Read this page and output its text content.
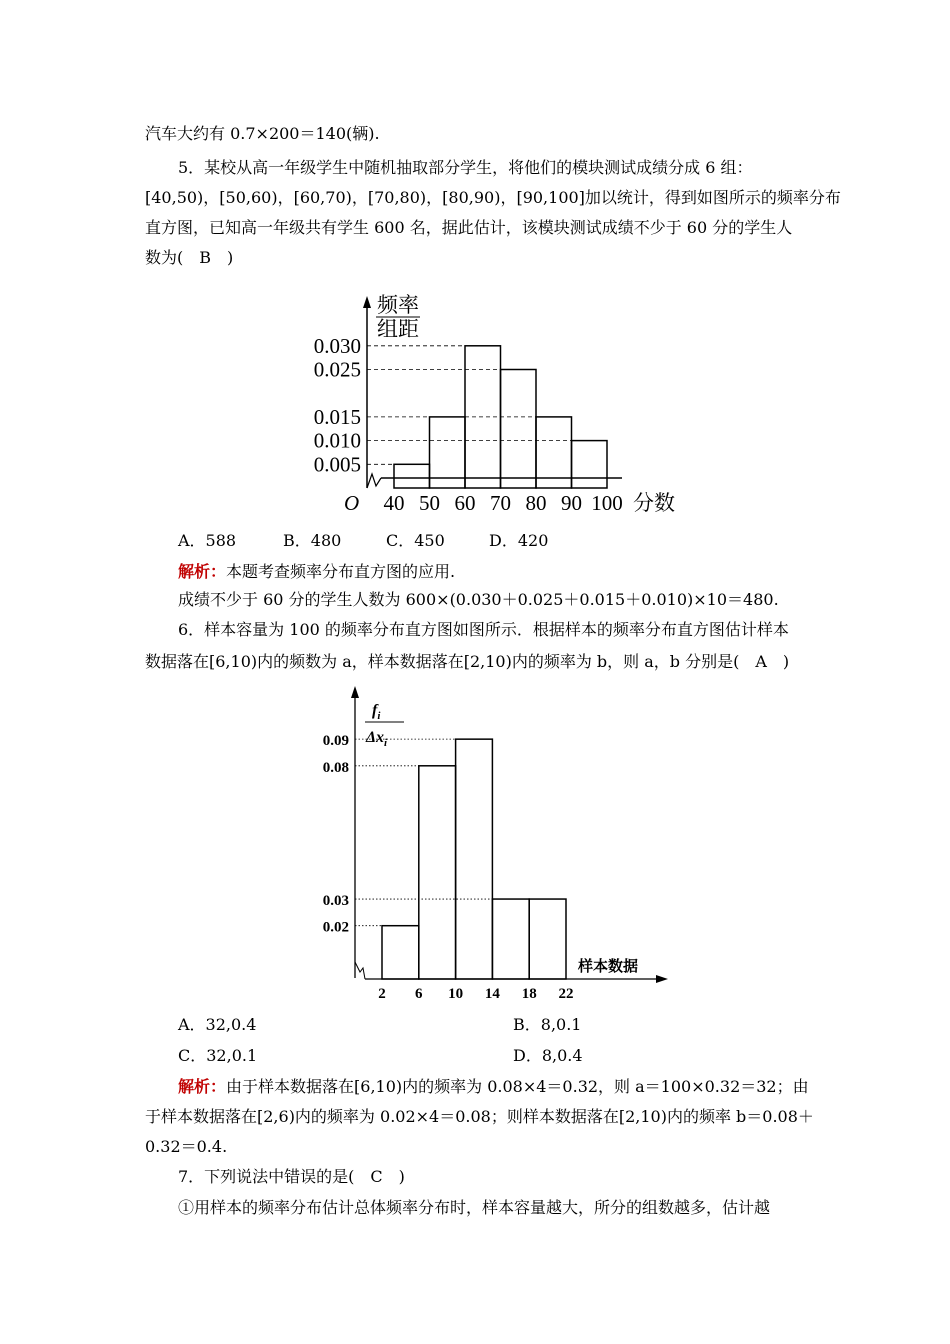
汽车大约有 0.7×200＝140(辆).
5．某校从高一年级学生中随机抽取部分学生，将他们的模块测试成绩分成 6 组：
[40,50)，[50,60)，[60,70)，[70,80)，[80,90)，[90,100]加以统计，得到如图所示的频率分布
直方图，已知高一年级共有学生 600 名，据此估计，该模块测试成绩不少于 60 分的学生人
数为(　B　)
0.030
0.025
0.015
0.010
0.005
40 50 60 70 80 90 100
频率
组距
O	分数
A．588	B．480	C．450	D．420
解析：本题考查频率分布直方图的应用.
成绩不少于 60 分的学生人数为 600×(0.030＋0.025＋0.015＋0.010)×10＝480.
6．样本容量为 100 的频率分布直方图如图所示．根据样本的频率分布直方图估计样本
数据落在[6,10)内的频数为 a，样本数据落在[2,10)内的频率为 b，则 a，b 分别是(　A　)
0.09
0.08
0.03
0.02
2 6 10 14 18 22
$f_i$
$\Delta x_i$
样本数据
A．32,0.4	B．8,0.1
C．32,0.1	D．8,0.4
解析：由于样本数据落在[6,10)内的频率为 0.08×4＝0.32，则 a＝100×0.32＝32；由
于样本数据落在[2,6)内的频率为 0.02×4＝0.08；则样本数据落在[2,10)内的频率 b＝0.08＋
0.32＝0.4.
7．下列说法中错误的是(　C　)
①用样本的频率分布估计总体频率分布时，样本容量越大，所分的组数越多，估计越
